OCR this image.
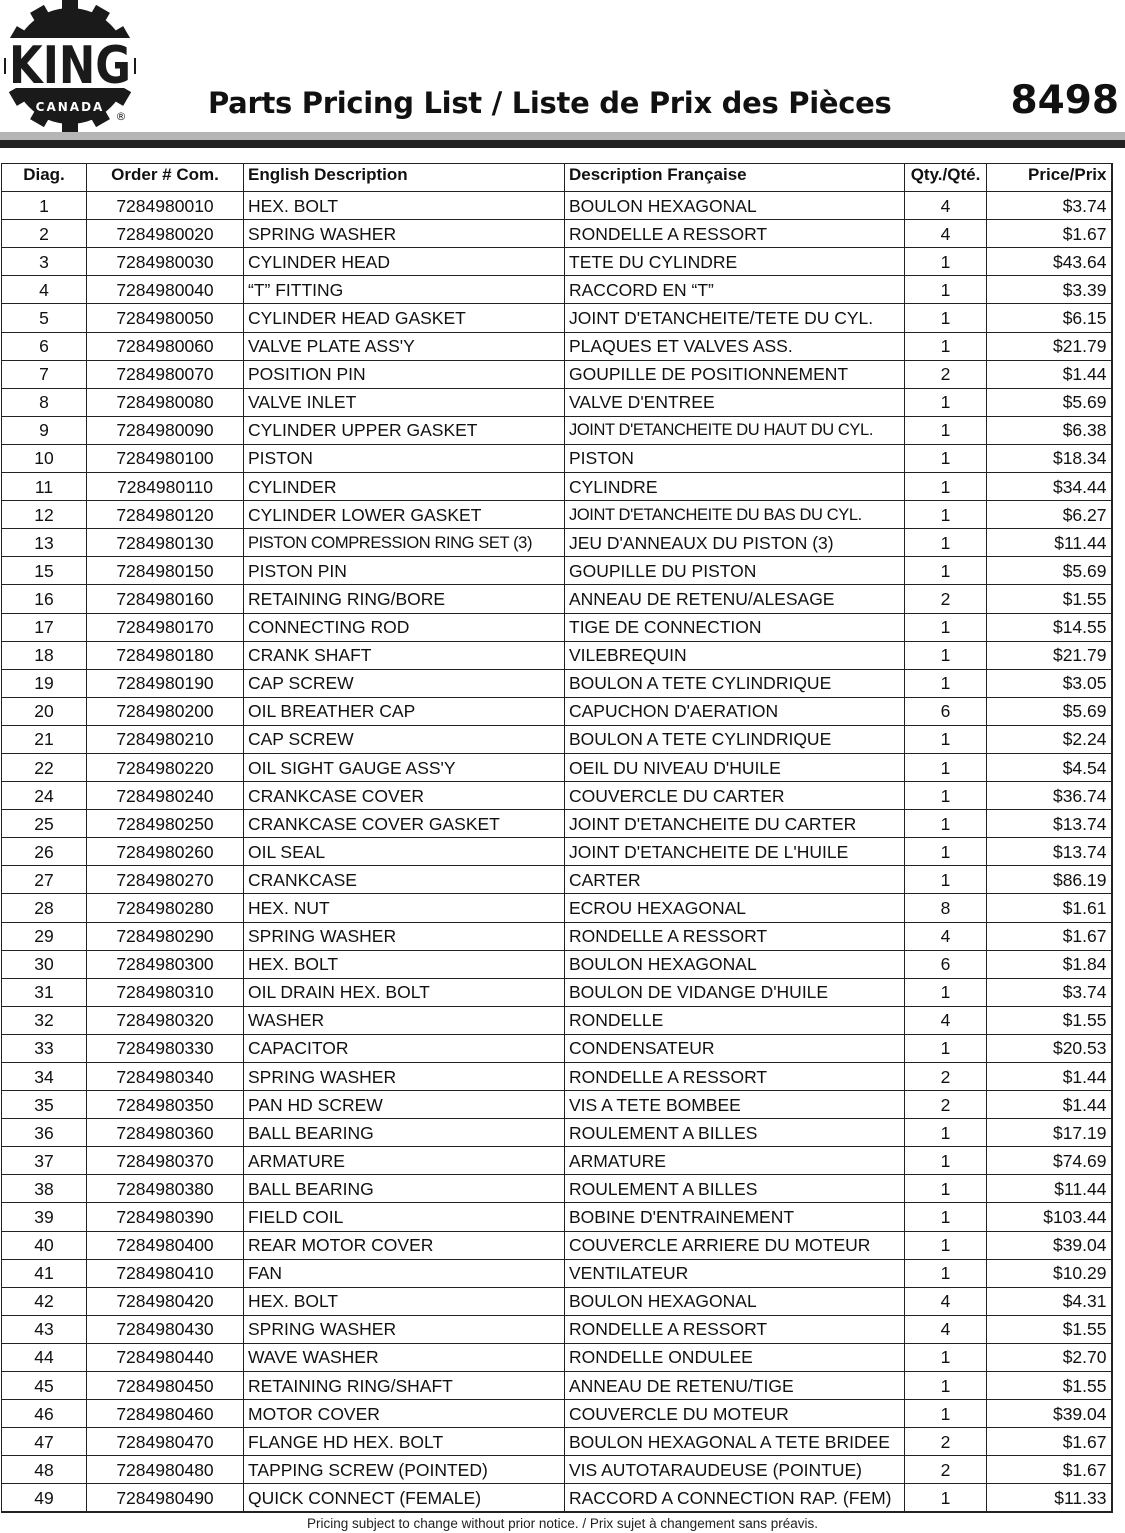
KING
CANADA
®	Parts Pricing List / Liste de Prix des Pièces	8498
Diag.	Order # Com.	English Description	Description Française	Qty./Qté.	Price/Prix
1	7284980010	HEX. BOLT	BOULON HEXAGONAL	4	$3.74
2	7284980020	SPRING WASHER	RONDELLE A RESSORT	4	$1.67
3	7284980030	CYLINDER HEAD	TETE DU CYLINDRE	1	$43.64
4	7284980040	“T” FITTING	RACCORD EN “T”	1	$3.39
5	7284980050	CYLINDER HEAD GASKET	JOINT D'ETANCHEITE/TETE DU CYL.	1	$6.15
6	7284980060	VALVE PLATE ASS'Y	PLAQUES ET VALVES ASS.	1	$21.79
7	7284980070	POSITION PIN	GOUPILLE DE POSITIONNEMENT	2	$1.44
8	7284980080	VALVE INLET	VALVE D'ENTREE	1	$5.69
9	7284980090	CYLINDER UPPER GASKET	JOINT D'ETANCHEITE DU HAUT DU CYL.	1	$6.38
10	7284980100	PISTON	PISTON	1	$18.34
11	7284980110	CYLINDER	CYLINDRE	1	$34.44
12	7284980120	CYLINDER LOWER GASKET	JOINT D'ETANCHEITE DU BAS DU CYL.	1	$6.27
13	7284980130	PISTON COMPRESSION RING SET (3)	JEU D'ANNEAUX DU PISTON (3)	1	$11.44
15	7284980150	PISTON PIN	GOUPILLE DU PISTON	1	$5.69
16	7284980160	RETAINING RING/BORE	ANNEAU DE RETENU/ALESAGE	2	$1.55
17	7284980170	CONNECTING ROD	TIGE DE CONNECTION	1	$14.55
18	7284980180	CRANK SHAFT	VILEBREQUIN	1	$21.79
19	7284980190	CAP SCREW	BOULON A TETE CYLINDRIQUE	1	$3.05
20	7284980200	OIL BREATHER CAP	CAPUCHON D'AERATION	6	$5.69
21	7284980210	CAP SCREW	BOULON A TETE CYLINDRIQUE	1	$2.24
22	7284980220	OIL SIGHT GAUGE ASS'Y	OEIL DU NIVEAU D'HUILE	1	$4.54
24	7284980240	CRANKCASE COVER	COUVERCLE DU CARTER	1	$36.74
25	7284980250	CRANKCASE COVER GASKET	JOINT D'ETANCHEITE DU CARTER	1	$13.74
26	7284980260	OIL SEAL	JOINT D'ETANCHEITE DE L'HUILE	1	$13.74
27	7284980270	CRANKCASE	CARTER	1	$86.19
28	7284980280	HEX. NUT	ECROU HEXAGONAL	8	$1.61
29	7284980290	SPRING WASHER	RONDELLE A RESSORT	4	$1.67
30	7284980300	HEX. BOLT	BOULON HEXAGONAL	6	$1.84
31	7284980310	OIL DRAIN HEX. BOLT	BOULON DE VIDANGE D'HUILE	1	$3.74
32	7284980320	WASHER	RONDELLE	4	$1.55
33	7284980330	CAPACITOR	CONDENSATEUR	1	$20.53
34	7284980340	SPRING WASHER	RONDELLE A RESSORT	2	$1.44
35	7284980350	PAN HD SCREW	VIS A TETE BOMBEE	2	$1.44
36	7284980360	BALL BEARING	ROULEMENT A BILLES	1	$17.19
37	7284980370	ARMATURE	ARMATURE	1	$74.69
38	7284980380	BALL BEARING	ROULEMENT A BILLES	1	$11.44
39	7284980390	FIELD COIL	BOBINE D'ENTRAINEMENT	1	$103.44
40	7284980400	REAR MOTOR COVER	COUVERCLE ARRIERE DU MOTEUR	1	$39.04
41	7284980410	FAN	VENTILATEUR	1	$10.29
42	7284980420	HEX. BOLT	BOULON HEXAGONAL	4	$4.31
43	7284980430	SPRING WASHER	RONDELLE A RESSORT	4	$1.55
44	7284980440	WAVE WASHER	RONDELLE ONDULEE	1	$2.70
45	7284980450	RETAINING RING/SHAFT	ANNEAU DE RETENU/TIGE	1	$1.55
46	7284980460	MOTOR COVER	COUVERCLE DU MOTEUR	1	$39.04
47	7284980470	FLANGE HD HEX. BOLT	BOULON HEXAGONAL A TETE BRIDEE	2	$1.67
48	7284980480	TAPPING SCREW (POINTED)	VIS AUTOTARAUDEUSE (POINTUE)	2	$1.67
49	7284980490	QUICK CONNECT (FEMALE)	RACCORD A CONNECTION RAP. (FEM)	1	$11.33
Pricing subject to change without prior notice. / Prix sujet à changement sans préavis.
